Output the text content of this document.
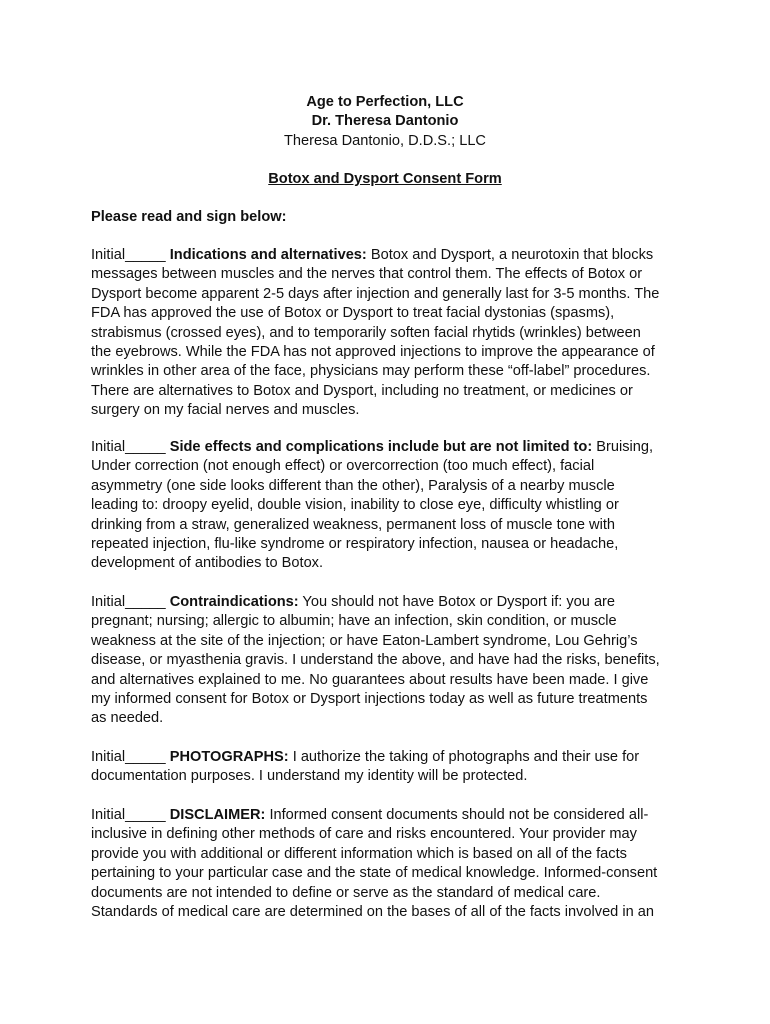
Age to Perfection, LLC
Dr. Theresa Dantonio
Theresa Dantonio, D.D.S.; LLC
Botox and Dysport Consent Form
Please read and sign below:
Initial_____ Indications and alternatives: Botox and Dysport, a neurotoxin that blocks
messages between muscles and the nerves that control them. The effects of Botox or
Dysport become apparent 2-5 days after injection and generally last for 3-5 months. The
FDA has approved the use of Botox or Dysport to treat facial dystonias (spasms),
strabismus (crossed eyes), and to temporarily soften facial rhytids (wrinkles) between
the eyebrows. While the FDA has not approved injections to improve the appearance of
wrinkles in other area of the face, physicians may perform these “off-label” procedures.
There are alternatives to Botox and Dysport, including no treatment, or medicines or
surgery on my facial nerves and muscles.
Initial_____ Side effects and complications include but are not limited to: Bruising,
Under correction (not enough effect) or overcorrection (too much effect), facial
asymmetry (one side looks different than the other), Paralysis of a nearby muscle
leading to: droopy eyelid, double vision, inability to close eye, difficulty whistling or
drinking from a straw, generalized weakness, permanent loss of muscle tone with
repeated injection, flu-like syndrome or respiratory infection, nausea or headache,
development of antibodies to Botox.
Initial_____ Contraindications: You should not have Botox or Dysport if: you are
pregnant; nursing; allergic to albumin; have an infection, skin condition, or muscle
weakness at the site of the injection; or have Eaton-Lambert syndrome, Lou Gehrig’s
disease, or myasthenia gravis. I understand the above, and have had the risks, benefits,
and alternatives explained to me. No guarantees about results have been made. I give
my informed consent for Botox or Dysport injections today as well as future treatments
as needed.
Initial_____ PHOTOGRAPHS: I authorize the taking of photographs and their use for
documentation purposes. I understand my identity will be protected.
Initial_____ DISCLAIMER: Informed consent documents should not be considered all-
inclusive in defining other methods of care and risks encountered. Your provider may
provide you with additional or different information which is based on all of the facts
pertaining to your particular case and the state of medical knowledge. Informed-consent
documents are not intended to define or serve as the standard of medical care.
Standards of medical care are determined on the bases of all of the facts involved in an
